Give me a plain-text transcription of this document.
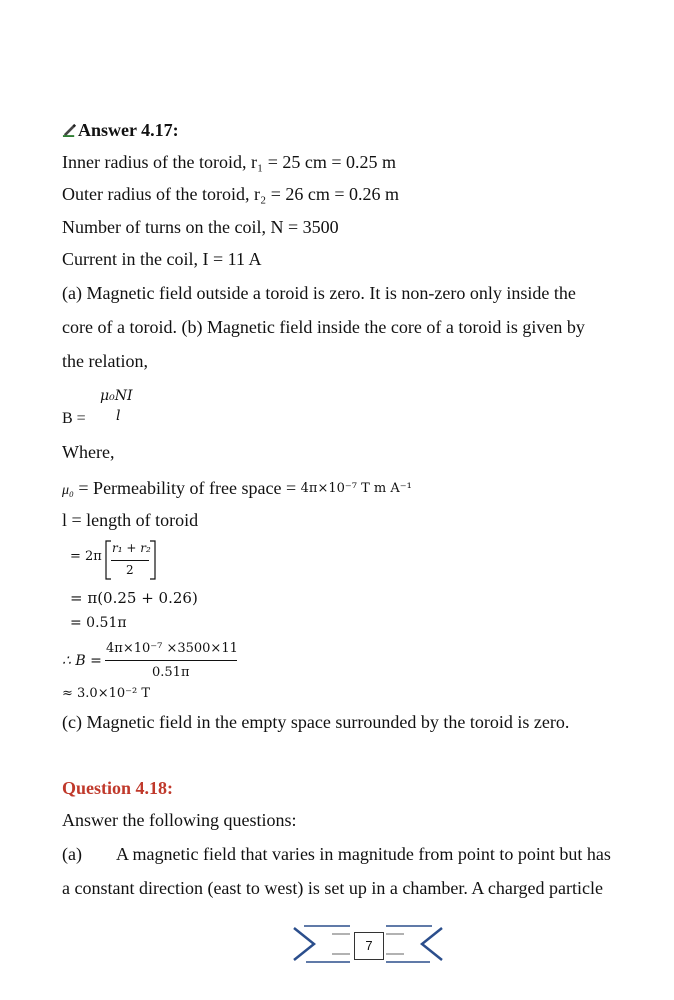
Answer 4.17:
Inner radius of the toroid, r₁ = 25 cm = 0.25 m
Outer radius of the toroid, r₂ = 26 cm = 0.26 m
Number of turns on the coil, N = 3500
Current in the coil, I = 11 A
(a) Magnetic field outside a toroid is zero. It is non-zero only inside the
core of a toroid. (b) Magnetic field inside the core of a toroid is given by
the relation,
μ₀NI
B = l
Where,
μ₀ = Permeability of free space = 4π×10⁻⁷ T m A⁻¹
l = length of toroid
= 2π
r₁ + r₂
2
= π(0.25 + 0.26)
= 0.51π
4π×10⁻⁷ ×3500×11
∴ B =
0.51π
≈ 3.0×10⁻² T
(c) Magnetic field in the empty space surrounded by the toroid is zero.
Question 4.18:
Answer the following questions:
(a) A magnetic field that varies in magnitude from point to point but has
a constant direction (east to west) is set up in a chamber. A charged particle
7
